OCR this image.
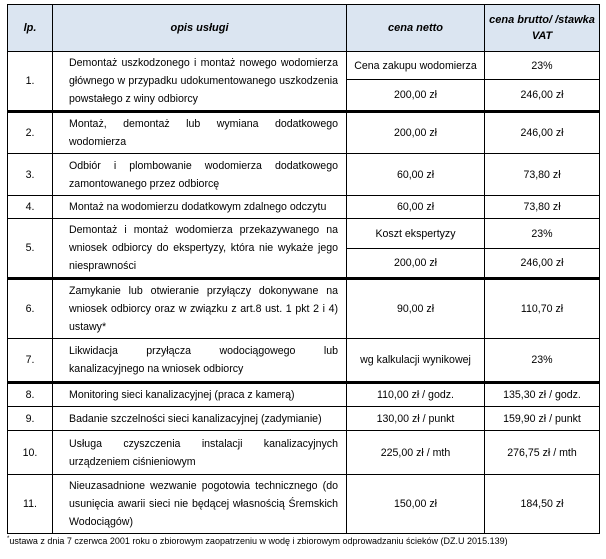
lp.	opis usługi	cena netto	cena brutto/ /stawka VAT
1.	Demontaż uszkodzonego i montaż nowego wodomierza głównego w przypadku udokumentowanego uszkodzenia powstałego z winy odbiorcy	Cena zakupu wodomierza	23%
		200,00 zł	246,00 zł
2.	Montaż, demontaż lub wymiana dodatkowego wodomierza	200,00 zł	246,00 zł
3.	Odbiór i plombowanie wodomierza dodatkowego zamontowanego przez odbiorcę	60,00 zł	73,80 zł
4.	Montaż na wodomierzu dodatkowym zdalnego odczytu	60,00 zł	73,80 zł
5.	Demontaż i montaż wodomierza przekazywanego na wniosek odbiorcy do ekspertyzy, która nie wykaże jego niesprawności	Koszt ekspertyzy	23%
		200,00 zł	246,00 zł
6.	Zamykanie lub otwieranie przyłączy dokonywane na wniosek odbiorcy oraz w związku z art.8 ust. 1 pkt 2 i 4) ustawy*	90,00 zł	110,70 zł
7.	Likwidacja przyłącza wodociągowego lub kanalizacyjnego na wniosek odbiorcy	wg kalkulacji wynikowej	23%
8.	Monitoring sieci kanalizacyjnej (praca z kamerą)	110,00 zł / godz.	135,30 zł / godz.
9.	Badanie szczelności sieci kanalizacyjnej (zadymianie)	130,00 zł / punkt	159,90 zł / punkt
10.	Usługa czyszczenia instalacji kanalizacyjnych urządzeniem ciśnieniowym	225,00 zł / mth	276,75 zł / mth
11.	Nieuzasadnione wezwanie pogotowia technicznego (do usunięcia awarii sieci nie będącej własnością Śremskich Wodociągów)	150,00 zł	184,50 zł
*ustawa z dnia 7 czerwca 2001 roku o zbiorowym zaopatrzeniu w wodę i zbiorowym odprowadzaniu ścieków (DZ.U 2015.139)
